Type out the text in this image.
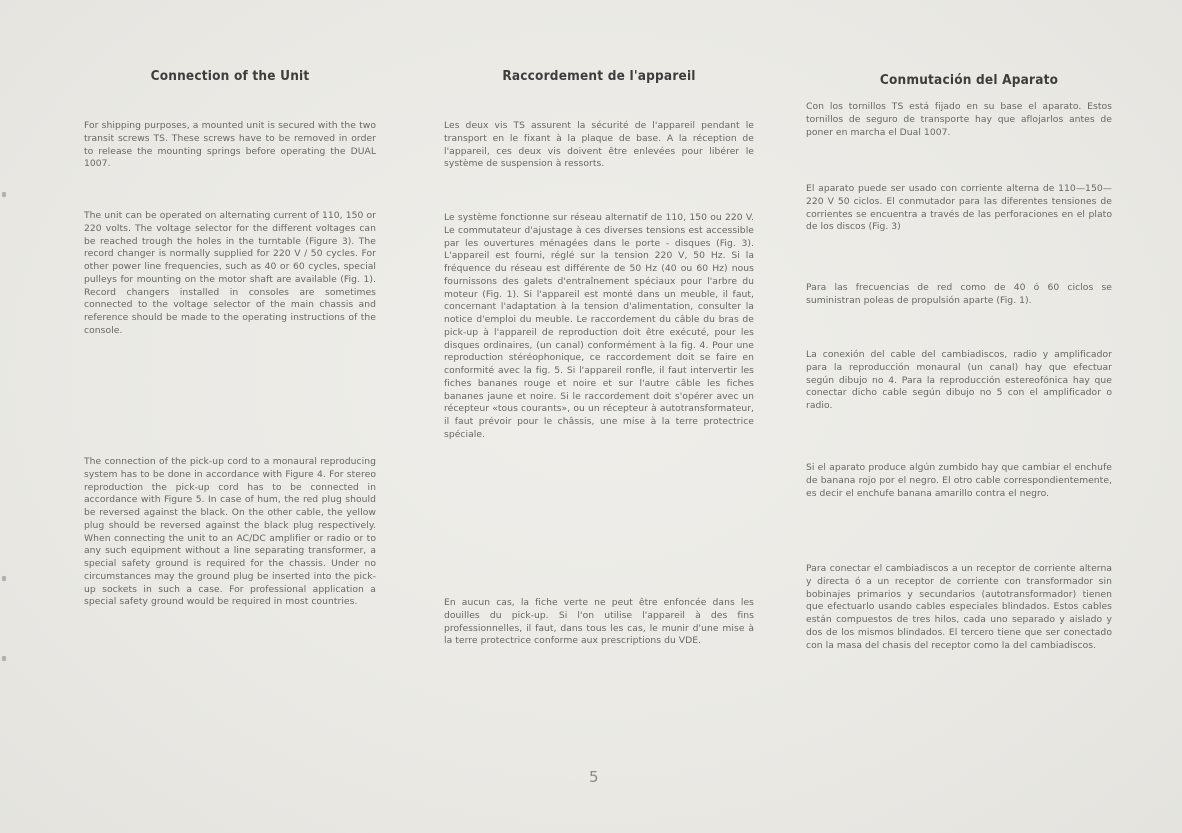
Connection of the Unit

For shipping purposes, a mounted unit is secured with the two transit screws TS. These screws have to be removed in order to release the mounting springs before operating the DUAL 1007.

The unit can be operated on alternating current of 110, 150 or 220 volts. The voltage selector for the different voltages can be reached trough the holes in the turntable (Figure 3). The record changer is normally supplied for 220 V / 50 cycles. For other power line frequencies, such as 40 or 60 cycles, special pulleys for mounting on the motor shaft are available (Fig. 1). Record changers installed in consoles are sometimes connected to the voltage selector of the main chassis and reference should be made to the operating instructions of the console.

The connection of the pick-up cord to a monaural reproducing system has to be done in accordance with Figure 4. For stereo reproduction the pick-up cord has to be connected in accordance with Figure 5. In case of hum, the red plug should be reversed against the black. On the other cable, the yellow plug should be reversed against the black plug respectively. When connecting the unit to an AC/DC amplifier or radio or to any such equipment without a line separating transformer, a special safety ground is required for the chassis. Under no circumstances may the ground plug be inserted into the pick-up sockets in such a case. For professional application a special safety ground would be required in most countries.

Raccordement de l'appareil

Les deux vis TS assurent la sécurité de l'appareil pendant le transport en le fixant à la plaque de base. A la réception de l'appareil, ces deux vis doivent être enlevées pour libérer le système de suspension à ressorts.

Le système fonctionne sur réseau alternatif de 110, 150 ou 220 V. Le commutateur d'ajustage à ces diverses tensions est accessible par les ouvertures ménagées dans le porte - disques (Fig. 3). L'appareil est fourni, réglé sur la tension 220 V, 50 Hz. Si la fréquence du réseau est différente de 50 Hz (40 ou 60 Hz) nous fournissons des galets d'entraînement spéciaux pour l'arbre du moteur (Fig. 1). Si l'appareil est monté dans un meuble, il faut, concernant l'adaptation à la tension d'alimentation, consulter la notice d'emploi du meuble. Le raccordement du câble du bras de pick-up à l'appareil de reproduction doit être exécuté, pour les disques ordinaires, (un canal) conformément à la fig. 4. Pour une reproduction stéréophonique, ce raccordement doit se faire en conformité avec la fig. 5. Si l'appareil ronfle, il faut intervertir les fiches bananes rouge et noire et sur l'autre câble les fiches bananes jaune et noire. Si le raccordement doit s'opérer avec un récepteur «tous courants», ou un récepteur à autotransformateur, il faut prévoir pour le châssis, une mise à la terre protectrice spéciale.

En aucun cas, la fiche verte ne peut être enfoncée dans les douilles du pick-up. Si l'on utilise l'appareil à des fins professionnelles, il faut, dans tous les cas, le munir d'une mise à la terre protectrice conforme aux prescriptions du VDE.

Conmutación del Aparato

Con los tornillos TS está fijado en su base el aparato. Estos tornillos de seguro de transporte hay que aflojarlos antes de poner en marcha el Dual 1007.

El aparato puede ser usado con corriente alterna de 110—150—220 V 50 ciclos. El conmutador para las diferentes tensiones de corrientes se encuentra a través de las perforaciones en el plato de los discos (Fig. 3)

Para las frecuencias de red como de 40 ó 60 ciclos se suministran poleas de propulsión aparte (Fig. 1).

La conexión del cable del cambiadiscos, radio y amplificador para la reproducción monaural (un canal) hay que efectuar según dibujo no 4. Para la reproducción estereofónica hay que conectar dicho cable según dibujo no 5 con el amplificador o radio.

Si el aparato produce algún zumbido hay que cambiar el enchufe de banana rojo por el negro. El otro cable correspondientemente, es decir el enchufe banana amarillo contra el negro.

Para conectar el cambiadiscos a un receptor de corriente alterna y directa ó a un receptor de corriente con transformador sin bobinajes primarios y secundarios (autotransformador) tienen que efectuarlo usando cables especiales blindados. Estos cables están compuestos de tres hilos, cada uno separado y aislado y dos de los mismos blindados. El tercero tiene que ser conectado con la masa del chasis del receptor como la del cambiadiscos.

5
